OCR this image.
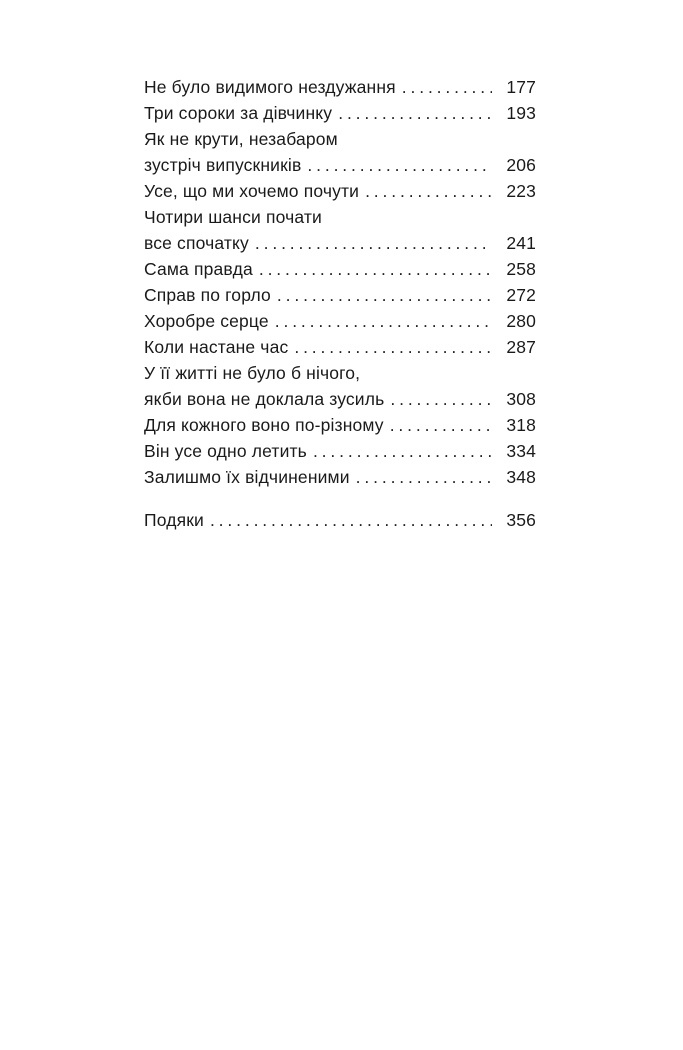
Не було видимого нездужання . . .	177
Три сороки за дівчинку . . .	193
Як не крути, незабаром
зустріч випускників . . .	206
Усе, що ми хочемо почути . . .	223
Чотири шанси почати
все спочатку . . .	241
Сама правда . . .	258
Справ по горло . . .	272
Хоробре серце . . .	280
Коли настане час . . .	287
У її житті не було б нічого,
якби вона не доклала зусиль . . .	308
Для кожного воно по-різному . . .	318
Він усе одно летить . . .	334
Залишмо їх відчиненими . . .	348
Подяки . . .	356
